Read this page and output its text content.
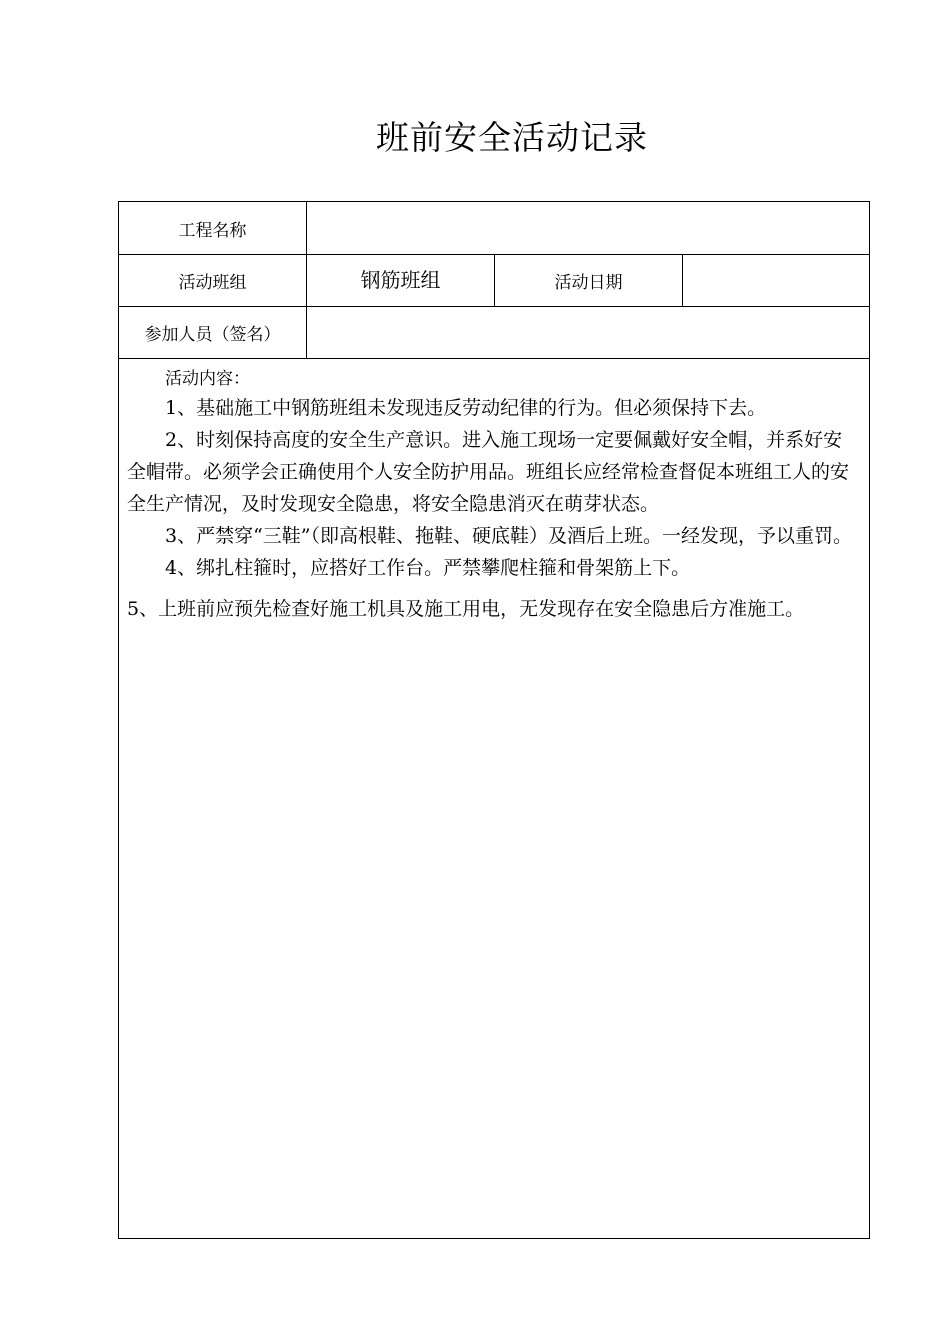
班前安全活动记录
工程名称
活动班组	钢筋班组	活动日期
参加人员（签名）
活动内容：

1、基础施工中钢筋班组未发现违反劳动纪律的行为。但必须保持下去。

2、时刻保持高度的安全生产意识。进入施工现场一定要佩戴好安全帽，并系好安全帽带。必须学会正确使用个人安全防护用品。班组长应经常检查督促本班组工人的安全生产情况，及时发现安全隐患，将安全隐患消灭在萌芽状态。

3、严禁穿“三鞋”（即高根鞋、拖鞋、硬底鞋）及酒后上班。一经发现，予以重罚。

4、绑扎柱箍时，应搭好工作台。严禁攀爬柱箍和骨架筋上下。

5、上班前应预先检查好施工机具及施工用电，无发现存在安全隐患后方准施工。
